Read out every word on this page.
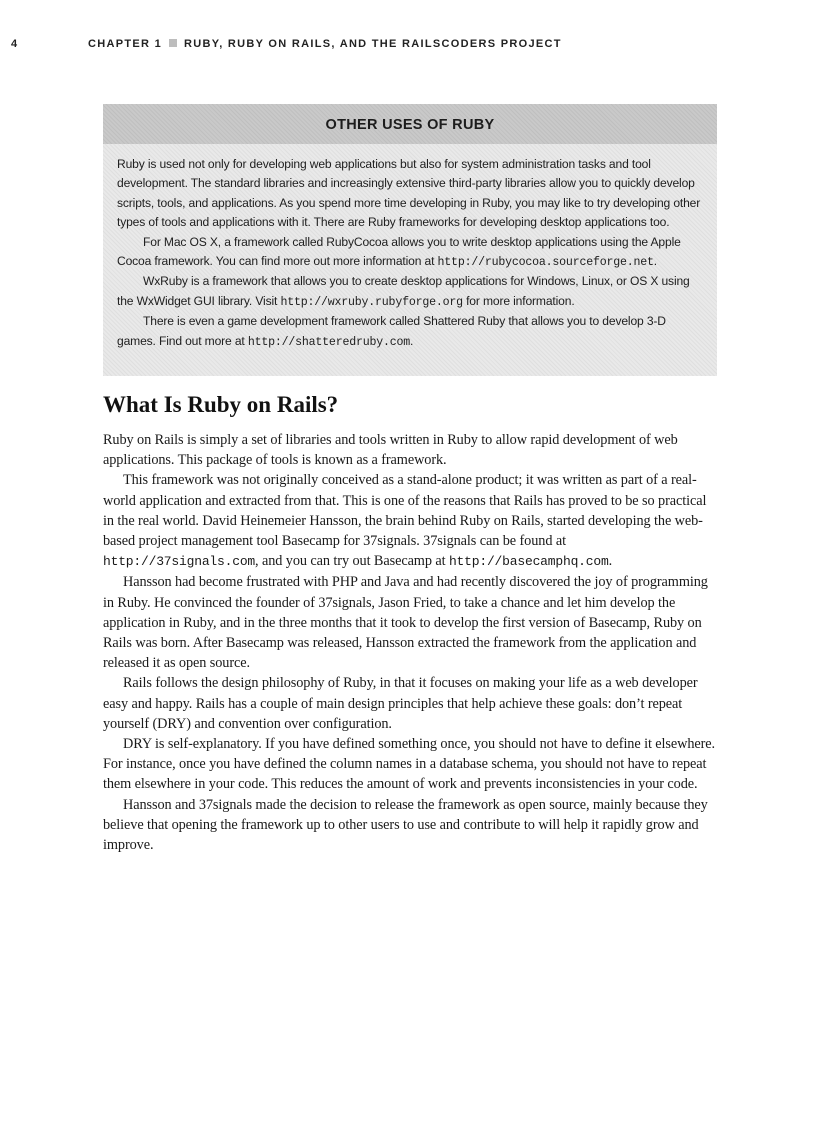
4	CHAPTER 1 RUBY, RUBY ON RAILS, AND THE RAILSCODERS PROJECT
OTHER USES OF RUBY

Ruby is used not only for developing web applications but also for system administration tasks and tool development. The standard libraries and increasingly extensive third-party libraries allow you to quickly develop scripts, tools, and applications. As you spend more time developing in Ruby, you may like to try developing other types of tools and applications with it. There are Ruby frameworks for developing desktop applications too.

For Mac OS X, a framework called RubyCocoa allows you to write desktop applications using the Apple Cocoa framework. You can find more out more information at http://rubycocoa.sourceforge.net.

WxRuby is a framework that allows you to create desktop applications for Windows, Linux, or OS X using the WxWidget GUI library. Visit http://wxruby.rubyforge.org for more information.

There is even a game development framework called Shattered Ruby that allows you to develop 3-D games. Find out more at http://shatteredruby.com.

What Is Ruby on Rails?

Ruby on Rails is simply a set of libraries and tools written in Ruby to allow rapid development of web applications. This package of tools is known as a framework.

This framework was not originally conceived as a stand-alone product; it was written as part of a real-world application and extracted from that. This is one of the reasons that Rails has proved to be so practical in the real world. David Heinemeier Hansson, the brain behind Ruby on Rails, started developing the web-based project management tool Basecamp for 37signals. 37signals can be found at http://37signals.com, and you can try out Basecamp at http://basecamphq.com.

Hansson had become frustrated with PHP and Java and had recently discovered the joy of programming in Ruby. He convinced the founder of 37signals, Jason Fried, to take a chance and let him develop the application in Ruby, and in the three months that it took to develop the first version of Basecamp, Ruby on Rails was born. After Basecamp was released, Hansson extracted the framework from the application and released it as open source.

Rails follows the design philosophy of Ruby, in that it focuses on making your life as a web developer easy and happy. Rails has a couple of main design principles that help achieve these goals: don’t repeat yourself (DRY) and convention over configuration.

DRY is self-explanatory. If you have defined something once, you should not have to define it elsewhere. For instance, once you have defined the column names in a database schema, you should not have to repeat them elsewhere in your code. This reduces the amount of work and prevents inconsistencies in your code.

Hansson and 37signals made the decision to release the framework as open source, mainly because they believe that opening the framework up to other users to use and contribute to will help it rapidly grow and improve.
